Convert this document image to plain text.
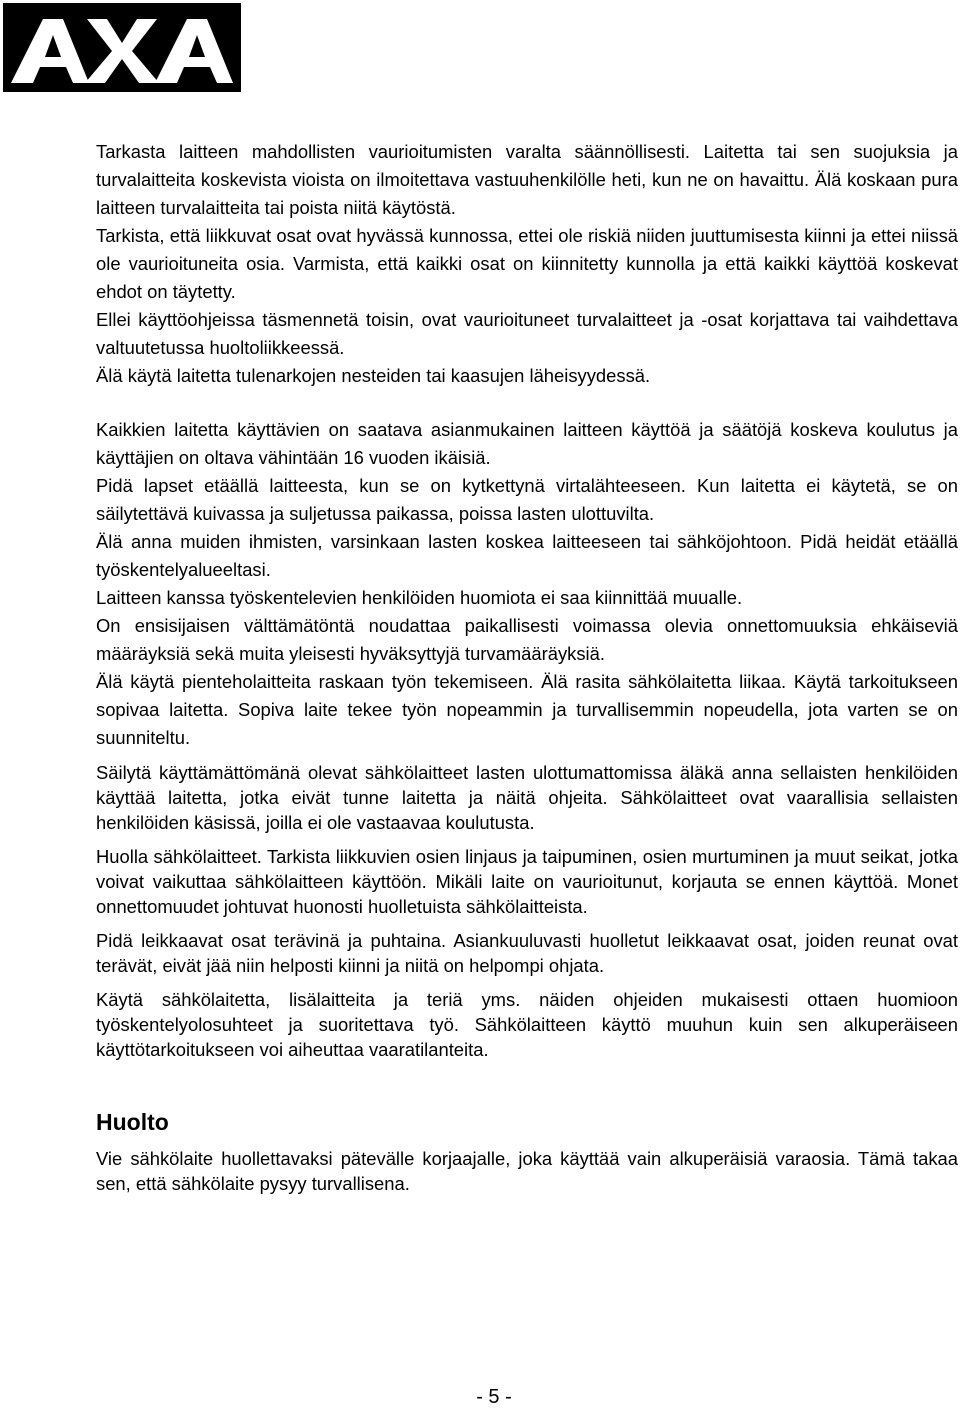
Tarkasta laitteen mahdollisten vaurioitumisten varalta säännöllisesti. Laitetta tai sen suojuksia ja turvalaitteita koskevista vioista on ilmoitettava vastuuhenkilölle heti, kun ne on havaittu. Älä koskaan pura laitteen turvalaitteita tai poista niitä käytöstä.

Tarkista, että liikkuvat osat ovat hyvässä kunnossa, ettei ole riskiä niiden juuttumisesta kiinni ja ettei niissä ole vaurioituneita osia. Varmista, että kaikki osat on kiinnitetty kunnolla ja että kaikki käyttöä koskevat ehdot on täytetty.

Ellei käyttöohjeissa täsmennetä toisin, ovat vaurioituneet turvalaitteet ja -osat korjattava tai vaihdettava valtuutetussa huoltoliikkeessä.

Älä käytä laitetta tulenarkojen nesteiden tai kaasujen läheisyydessä.

Kaikkien laitetta käyttävien on saatava asianmukainen laitteen käyttöä ja säätöjä koskeva koulutus ja käyttäjien on oltava vähintään 16 vuoden ikäisiä.

Pidä lapset etäällä laitteesta, kun se on kytkettynä virtalähteeseen. Kun laitetta ei käytetä, se on säilytettävä kuivassa ja suljetussa paikassa, poissa lasten ulottuvilta.

Älä anna muiden ihmisten, varsinkaan lasten koskea laitteeseen tai sähköjohtoon. Pidä heidät etäällä työskentelyalueeltasi.

Laitteen kanssa työskentelevien henkilöiden huomiota ei saa kiinnittää muualle.

On ensisijaisen välttämätöntä noudattaa paikallisesti voimassa olevia onnettomuuksia ehkäiseviä määräyksiä sekä muita yleisesti hyväksyttyjä turvamääräyksiä.

Älä käytä pienteholaitteita raskaan työn tekemiseen. Älä rasita sähkölaitetta liikaa. Käytä tarkoitukseen sopivaa laitetta. Sopiva laite tekee työn nopeammin ja turvallisemmin nopeudella, jota varten se on suunniteltu.

Säilytä käyttämättömänä olevat sähkölaitteet lasten ulottumattomissa äläkä anna sellaisten henkilöiden käyttää laitetta, jotka eivät tunne laitetta ja näitä ohjeita. Sähkölaitteet ovat vaarallisia sellaisten henkilöiden käsissä, joilla ei ole vastaavaa koulutusta.

Huolla sähkölaitteet. Tarkista liikkuvien osien linjaus ja taipuminen, osien murtuminen ja muut seikat, jotka voivat vaikuttaa sähkölaitteen käyttöön. Mikäli laite on vaurioitunut, korjauta se ennen käyttöä. Monet onnettomuudet johtuvat huonosti huolletuista sähkölaitteista.

Pidä leikkaavat osat terävinä ja puhtaina. Asiankuuluvasti huolletut leikkaavat osat, joiden reunat ovat terävät, eivät jää niin helposti kiinni ja niitä on helpompi ohjata.

Käytä sähkölaitetta, lisälaitteita ja teriä yms. näiden ohjeiden mukaisesti ottaen huomioon työskentelyolosuhteet ja suoritettava työ. Sähkölaitteen käyttö muuhun kuin sen alkuperäiseen käyttötarkoitukseen voi aiheuttaa vaaratilanteita.

Huolto

Vie sähkölaite huollettavaksi pätevälle korjaajalle, joka käyttää vain alkuperäisiä varaosia. Tämä takaa sen, että sähkölaite pysyy turvallisena.

- 5 -
